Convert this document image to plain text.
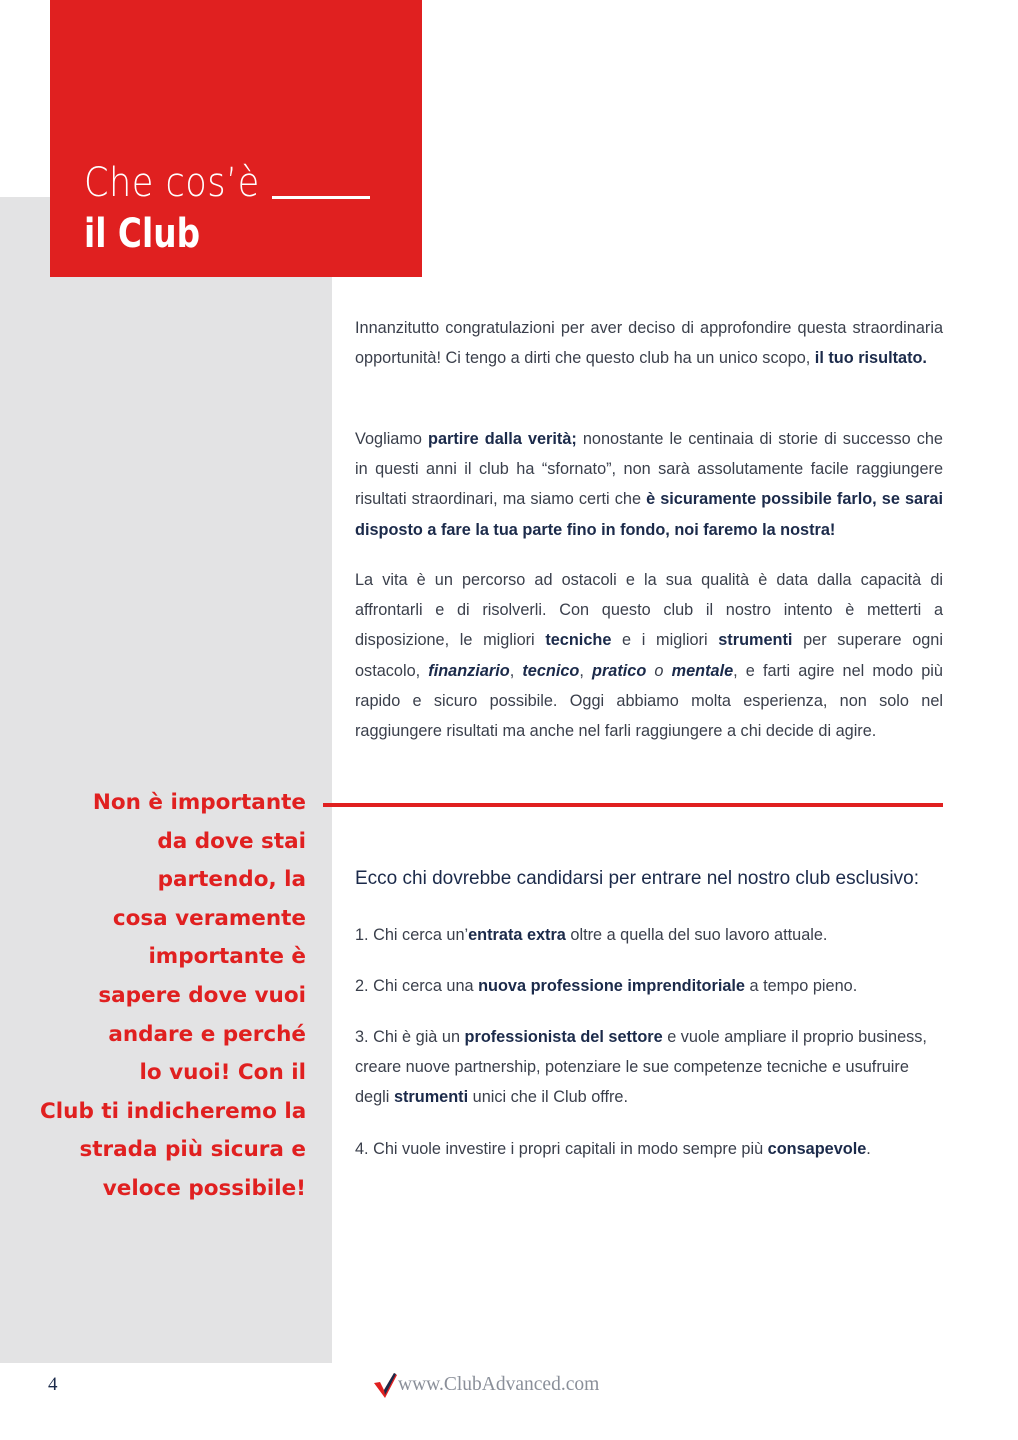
Che cos’è
il Club
Innanzitutto congratulazioni per aver deciso di approfondire questa straordinaria opportunità! Ci tengo a dirti che questo club ha un unico scopo, il tuo risultato.
Vogliamo partire dalla verità; nonostante le centinaia di storie di successo che in questi anni il club ha “sfornato”, non sarà assolutamente facile raggiungere risultati straordinari, ma siamo certi che è sicuramente possibile farlo, se sarai disposto a fare la tua parte fino in fondo, noi faremo la nostra!
La vita è un percorso ad ostacoli e la sua qualità è data dalla capacità di affrontarli e di risolverli. Con questo club il nostro intento è metterti a disposizione, le migliori tecniche e i migliori strumenti per superare ogni ostacolo, finanziario, tecnico, pratico o mentale, e farti agire nel modo più rapido e sicuro possibile. Oggi abbiamo molta esperienza, non solo nel raggiungere risultati ma anche nel farli raggiungere a chi decide di agire.
Non è importante
da dove stai
partendo, la
cosa veramente
importante è
sapere dove vuoi
andare e perché
lo vuoi! Con il
Club ti indicheremo la
strada più sicura e
veloce possibile!
Ecco chi dovrebbe candidarsi per entrare nel nostro club esclusivo:
1. Chi cerca un’entrata extra oltre a quella del suo lavoro attuale.
2. Chi cerca una nuova professione imprenditoriale a tempo pieno.
3. Chi è già un professionista del settore e vuole ampliare il proprio business, creare nuove partnership, potenziare le sue competenze tecniche e usufruire degli strumenti unici che il Club offre.
4. Chi vuole investire i propri capitali in modo sempre più consapevole.
4	www.ClubAdvanced.com
